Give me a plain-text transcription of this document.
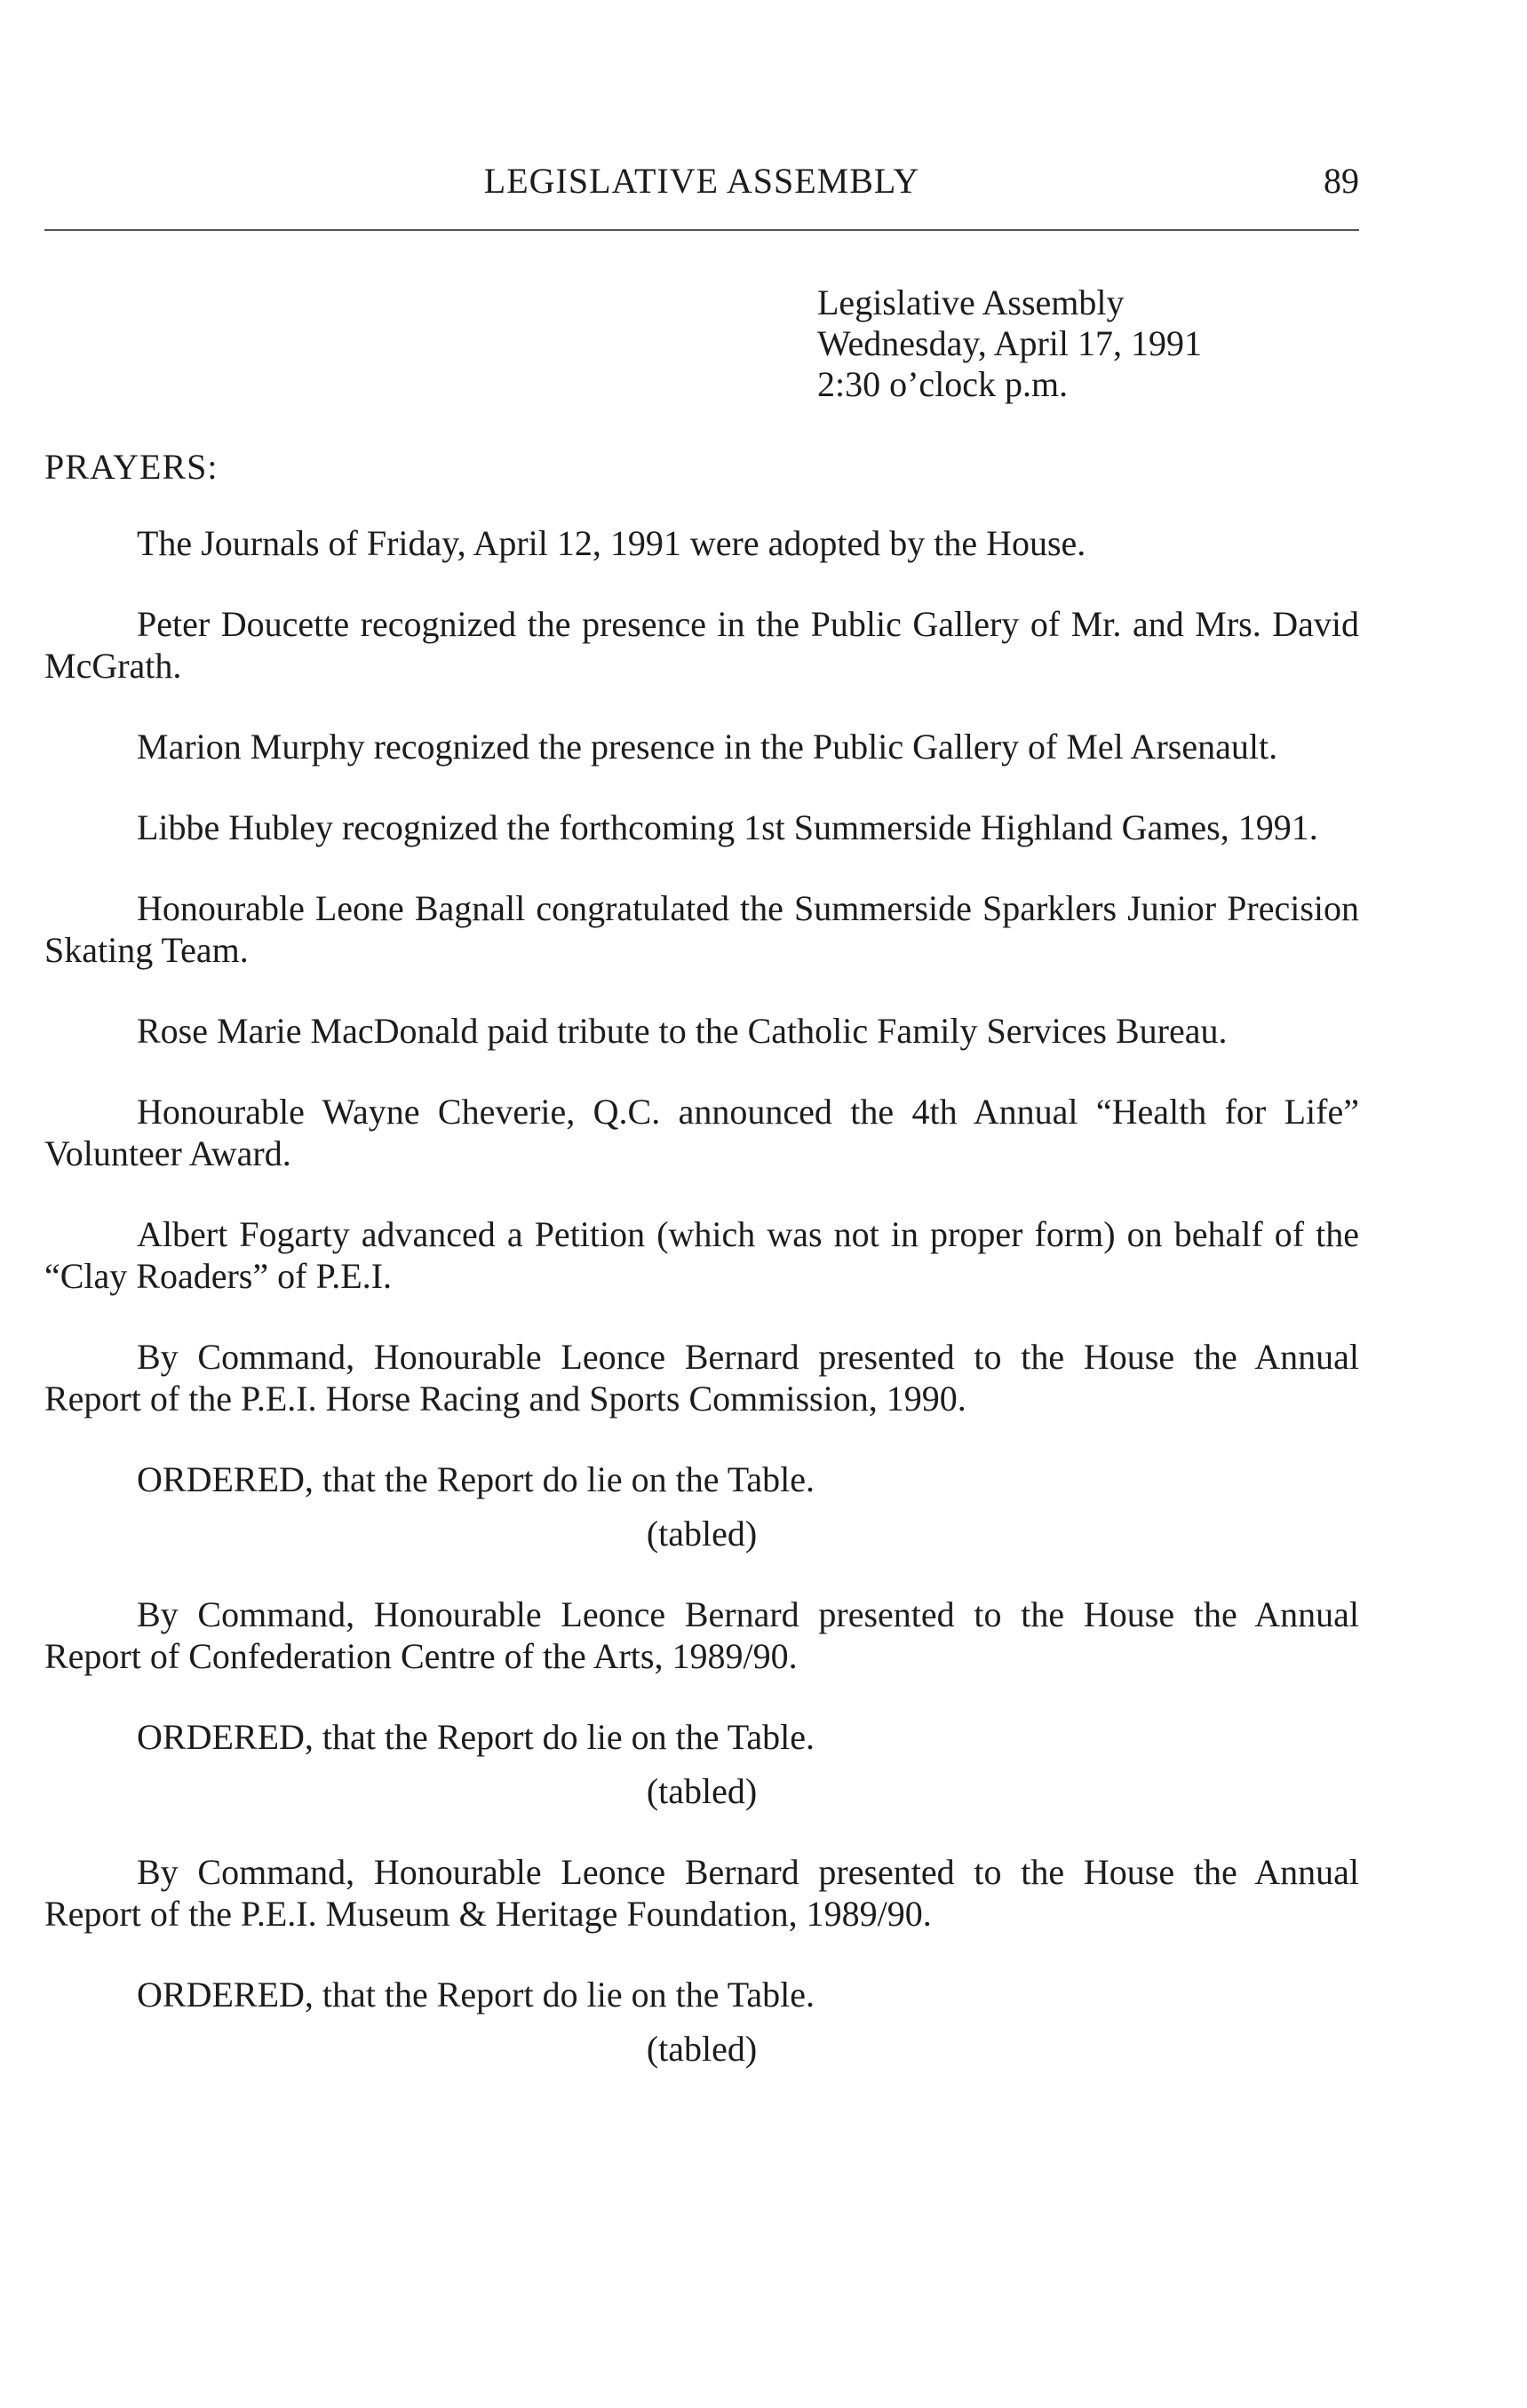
LEGISLATIVE ASSEMBLY	89
Legislative Assembly
Wednesday, April 17, 1991
2:30 o’clock p.m.
PRAYERS:

The Journals of Friday, April 12, 1991 were adopted by the House.

Peter Doucette recognized the presence in the Public Gallery of Mr. and Mrs. David McGrath.

Marion Murphy recognized the presence in the Public Gallery of Mel Arsenault.

Libbe Hubley recognized the forthcoming 1st Summerside Highland Games, 1991.

Honourable Leone Bagnall congratulated the Summerside Sparklers Junior Precision Skating Team.

Rose Marie MacDonald paid tribute to the Catholic Family Services Bureau.

Honourable Wayne Cheverie, Q.C. announced the 4th Annual “Health for Life” Volunteer Award.

Albert Fogarty advanced a Petition (which was not in proper form) on behalf of the “Clay Roaders” of P.E.I.

By Command, Honourable Leonce Bernard presented to the House the Annual Report of the P.E.I. Horse Racing and Sports Commission, 1990.

ORDERED, that the Report do lie on the Table.

(tabled)

By Command, Honourable Leonce Bernard presented to the House the Annual Report of Confederation Centre of the Arts, 1989/90.

ORDERED, that the Report do lie on the Table.

(tabled)

By Command, Honourable Leonce Bernard presented to the House the Annual Report of the P.E.I. Museum & Heritage Foundation, 1989/90.

ORDERED, that the Report do lie on the Table.

(tabled)
